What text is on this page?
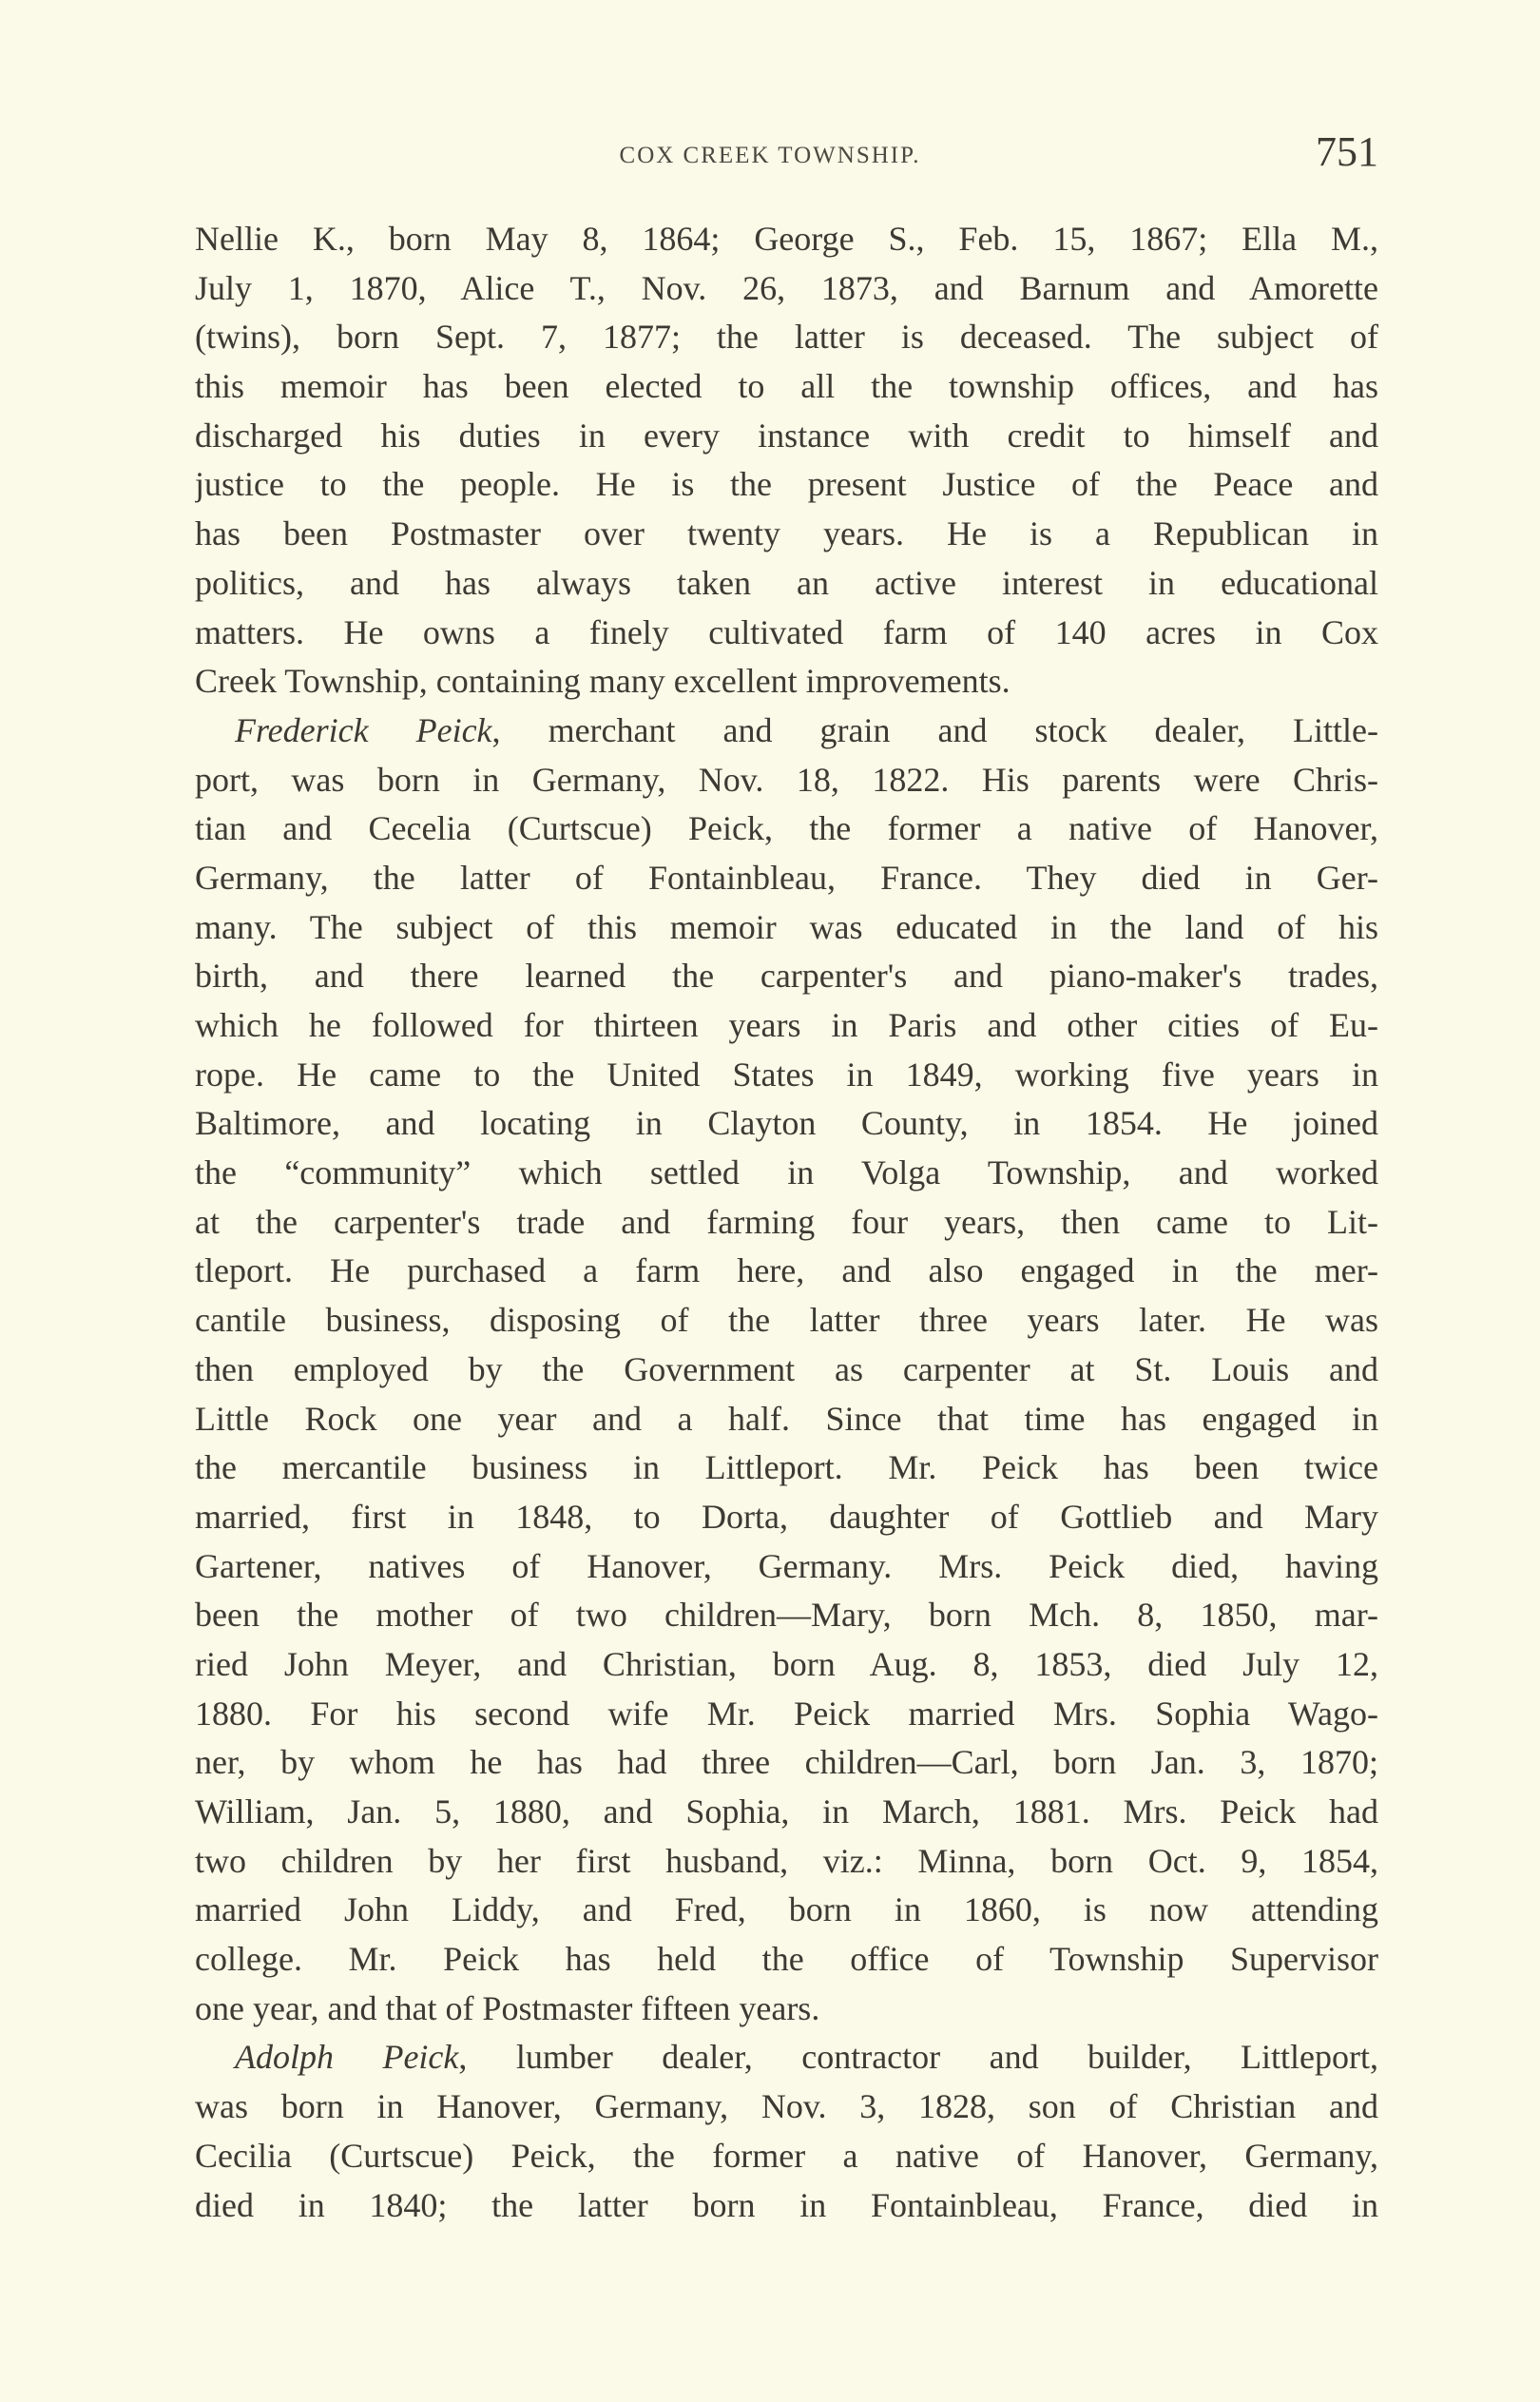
COX CREEK TOWNSHIP.	751
Nellie K., born May 8, 1864; George S., Feb. 15, 1867; Ella M.,
July 1, 1870, Alice T., Nov. 26, 1873, and Barnum and Amorette
(twins), born Sept. 7, 1877; the latter is deceased. The subject of
this memoir has been elected to all the township offices, and has
discharged his duties in every instance with credit to himself and
justice to the people. He is the present Justice of the Peace and
has been Postmaster over twenty years. He is a Republican in
politics, and has always taken an active interest in educational
matters. He owns a finely cultivated farm of 140 acres in Cox
Creek Township, containing many excellent improvements.
Frederick Peick, merchant and grain and stock dealer, Little-
port, was born in Germany, Nov. 18, 1822. His parents were Chris-
tian and Cecelia (Curtscue) Peick, the former a native of Hanover,
Germany, the latter of Fontainbleau, France. They died in Ger-
many. The subject of this memoir was educated in the land of his
birth, and there learned the carpenter's and piano-maker's trades,
which he followed for thirteen years in Paris and other cities of Eu-
rope. He came to the United States in 1849, working five years in
Baltimore, and locating in Clayton County, in 1854. He joined
the “community” which settled in Volga Township, and worked
at the carpenter's trade and farming four years, then came to Lit-
tleport. He purchased a farm here, and also engaged in the mer-
cantile business, disposing of the latter three years later. He was
then employed by the Government as carpenter at St. Louis and
Little Rock one year and a half. Since that time has engaged in
the mercantile business in Littleport. Mr. Peick has been twice
married, first in 1848, to Dorta, daughter of Gottlieb and Mary
Gartener, natives of Hanover, Germany. Mrs. Peick died, having
been the mother of two children—Mary, born Mch. 8, 1850, mar-
ried John Meyer, and Christian, born Aug. 8, 1853, died July 12,
1880. For his second wife Mr. Peick married Mrs. Sophia Wago-
ner, by whom he has had three children—Carl, born Jan. 3, 1870;
William, Jan. 5, 1880, and Sophia, in March, 1881. Mrs. Peick had
two children by her first husband, viz.: Minna, born Oct. 9, 1854,
married John Liddy, and Fred, born in 1860, is now attending
college. Mr. Peick has held the office of Township Supervisor
one year, and that of Postmaster fifteen years.
Adolph Peick, lumber dealer, contractor and builder, Littleport,
was born in Hanover, Germany, Nov. 3, 1828, son of Christian and
Cecilia (Curtscue) Peick, the former a native of Hanover, Germany,
died in 1840; the latter born in Fontainbleau, France, died in
